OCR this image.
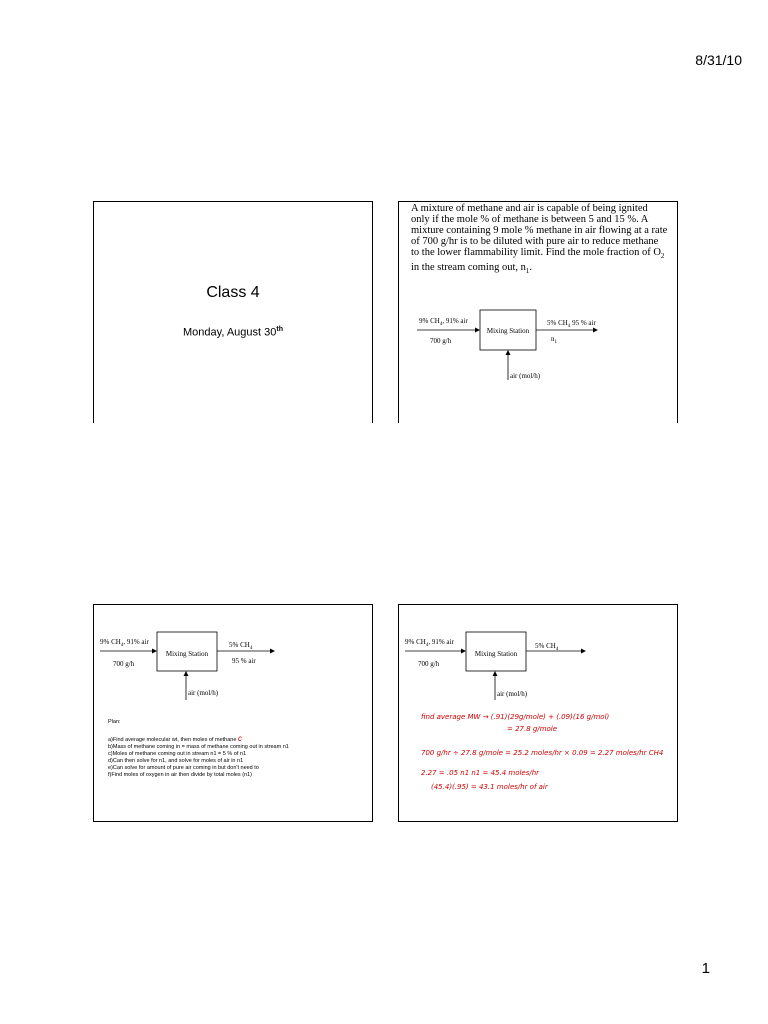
8/31/10
Class 4
Monday, August 30th
A mixture of methane and air is capable of being ignited only if the mole % of methane is between 5 and 15 %. A mixture containing 9 mole % methane in air flowing at a rate of 700 g/hr is to be diluted with pure air to reduce methane to the lower flammability limit. Find the mole fraction of $O_2$ in the stream coming out, $n_1$.
9% $CH_4$, 91% air
700 g/h
Mixing Station
5% $CH_4$ 95 % air
$n_1$
air (mol/h)
9% $CH_4$, 91% air
700 g/h
Mixing Station
5% $CH_4$
95 % air
air (mol/h)
Plan:
a)Find average molecular wt, then moles of methane c
b)Mass of methane coming in = mass of methane coming out in stream n1
c)Moles of methane coming out in stream n1 = 5 % of n1
d)Can then solve for n1, and solve for moles of air in n1
e)Can solve for amount of pure air coming in but don't need to
f)Find moles of oxygen in air then divide by total moles (n1)
9% $CH_4$, 91% air
700 g/h
Mixing Station
5% $CH_4$
air (mol/h)
find average MW → (.91)(29g/mole) + (.09)(16 g/mol)
= 27.8 g/mole
700 g/hr ÷ 27.8 g/mole = 25.2 moles/hr × 0.09 = 2.27 moles/hr CH4
2.27 = .05 n1 n1 = 45.4 moles/hr
(45.4)(.95) = 43.1 moles/hr of air
1
